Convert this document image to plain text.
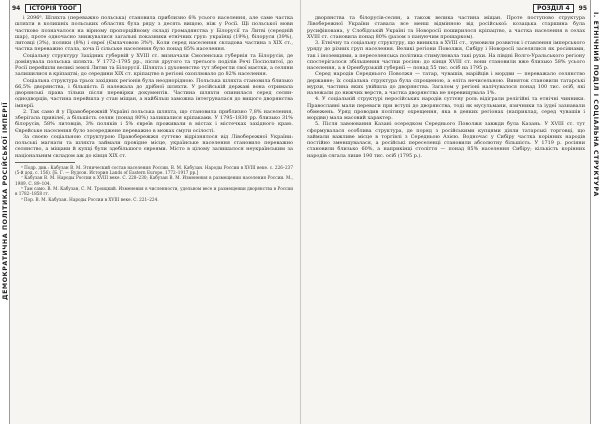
ДЕМОКРАТИЧНА ПОЛІТИКА РОСІЙСЬКОЇ ІМПЕРІЇ
94 ІСТОРІЯ ТООГ

і 2096⁶. Шляхта (переважно польська) становила приблизно 6% усього населення, але саме частка шляхти в колишніх польських областях була ряду з десять вищою, ніж у Росії. Щі польської мови частково позначалося на вірному пропорційному складі громадянства у Білорусії та Литві (середній шар), проте одночасно знижувалися загальні показники етнічних груп: українці (19%), білоруси (39%), литовці (3%), поляки (8%) і євреї (Ємлачовою 3%⁸). Коли серед населення складова частина з ХІХ ст., частка переважно стала, хоча її сільське населення було понад 85% населення.

Соціальну структуру Західних губерній у XVIII ст. визначали Смоленська губернія та Білорусія, де домінувала польська шляхта. У 1772–1795 рр., після другого та третього поділів Речі Посполитої, до Росії перейшли великі землі Литви та Білорусії. Шляхта і духовенство тут зберегли свої маєтки, а селяни залишилися в кріпацтві; до середини XIX ст. кріпацтво в регіоні охоплювало до 82% населення.

Соціальна структура трьох західних регіонів була неоднорідною. Польська шляхта становила близько 66,5% дворянства, і більшість її належала до дрібної шляхти. У російській державі вона отримала дворянські права тільки після перевірки документів. Частина шляхти опинилася серед селян-однодворців, частина перейшла у стан міщан, а найбільш заможна інтегрувалася до вищого дворянства імперії.

2. Так само й у Правобережній Україні польська шляхта, що становила приблизно 7,8% населення, зберігала привілеї, а більшість селян (понад 80%) залишалися кріпаками. У 1795–1830 рр. близько 31% білорусів, 58% литовців, 3% поляків і 5% євреїв проживали в містах і містечках західного краю. Єврейське населення було зосереджене переважно в межах смуги осілості.

За своєю соціальною структурою Правобережжя суттєво відрізнялося від Лівобережної України: польські магнати та шляхта займали провідне місце, українське населення становило переважно селянство, а міщани й купці були здебільшого євреями. Місто в цілому залишалося неукраїнським за національним складом аж до кінця XIX ст.

⁶ Подр. див.: Кабузан В. М. Этнический состав населения России. В. М. Кабузан. Народы России в XVIII веке. с. 226–237 (5-й дод. с. 156). [Б. Г. — Вудсон. История Lands of Eastern Europe. 1772–1917 рр.]

⁷ Кабузан В. М. Народы России в XVIII веке. С. 228–230; Кабузан В. М. Изменения в размещении населения России. М., 1989. С. 89–104.

⁸ Там само. В. М. Кабузан, С. М. Троицкий. Изменения в численности, удельном весе и размещении дворянства в России в 1782–1858 гг.

⁹ Пор. В. М. Кабузан. Народы России в XVIII веке. С. 221–224.

РОЗДІЛ 4 95

дворянства та білорусів-селян, а також велика частина міщан. Проте поступово структура Лівобережної України ставала все менш відмінною від російської: козацька старшина була русифікована, у Слобідській Україні та Новоросії поширилося кріпацтво, а частка населення в селах XVIII ст. становила понад 80% (разом з пануючим прошарком).

3. Етнічну та соціальну структуру, що виникла в XVIII ст., зумовили розвиток і ставлення імперського уряду до різних груп населення. Великі регіони Поволжя, Сибіру і Новоросії заселялися як росіянами, так і іноземцями, а переселенська політика стимулювала такі рухи. На півдні Волго-Уральського регіону спостерігалося збільшення частки росіян: до кінця XVIII ст. вони становили вже близько 58% усього населення, а в Оренбурзькій губернії — понад 55 тис. осіб на 1795 р.

Серед народів Середнього Поволжя — татар, чувашів, марійців і мордви — переважало селянство державне; їх соціальна структура була спрощеною, а еліта нечисельною. Виняток становили татарські мурзи, частина яких увійшла до дворянства. Загалом у регіоні налічувалося понад 100 тис. осіб, які належали до нижчих верств, а частка дворянства не перевищувала 1%.

4. У соціальній структурі неросійських народів суттєву роль відіграли релігійні та етнічні чинники. Православні мали переваги при вступі до дворянства, тоді як мусульмани, язичники та іудеї зазнавали обмежень. Уряд проводив політику охрещення, яка в деяких регіонах (наприклад, серед чувашів і мордви) мала масовий характер.

5. Після завоювання Казані осередком Середнього Поволжя завжди була Казань. У XVIII ст. тут сформувалася особлива структура, де поряд з російськими купцями діяли татарські торговці, що займали важливе місце в торгівлі з Середньою Азією. Водночас у Сибіру частка корінних народів постійно зменшувалася, а російські переселенці становили абсолютну більшість. У 1719 р. росіяни становили близько 60%, а наприкінці століття — понад 85% населення Сибіру; кількість корінних народів сягала лише 190 тис. осіб (1795 р.).	І. ЕТНІЧНИЙ ПОДІЛ І СОЦІАЛЬНА СТРУКТУРА
